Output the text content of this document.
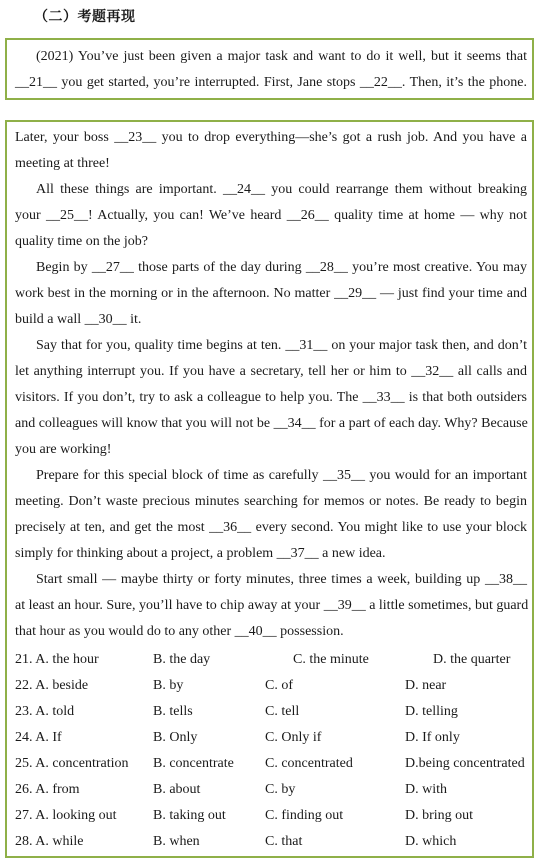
（二）考题再现
(2021) You’ve just been given a major task and want to do it well, but it seems that
__21__ you get started, you’re interrupted. First, Jane stops __22__. Then, it’s the phone.
Later, your boss __23__ you to drop everything—she’s got a rush job. And you have a
meeting at three!
All these things are important. __24__ you could rearrange them without breaking
your __25__! Actually, you can! We’ve heard __26__ quality time at home — why not
quality time on the job?
Begin by __27__ those parts of the day during __28__ you’re most creative. You may
work best in the morning or in the afternoon. No matter __29__ — just find your time and
build a wall __30__ it.
Say that for you, quality time begins at ten. __31__ on your major task then, and don’t
let anything interrupt you. If you have a secretary, tell her or him to __32__ all calls and
visitors. If you don’t, try to ask a colleague to help you. The __33__ is that both outsiders
and colleagues will know that you will not be __34__ for a part of each day. Why? Because
you are working!
Prepare for this special block of time as carefully __35__ you would for an important
meeting. Don’t waste precious minutes searching for memos or notes. Be ready to begin
precisely at ten, and get the most __36__ every second. You might like to use your block
simply for thinking about a project, a problem __37__ a new idea.
Start small — maybe thirty or forty minutes, three times a week, building up __38__
at least an hour. Sure, you’ll have to chip away at your __39__ a little sometimes, but guard
that hour as you would do to any other __40__ possession.
21. A. the hour	B. the day	C. the minute	D. the quarter
22. A. beside	B. by	C. of	D. near
23. A. told	B. tells	C. tell	D. telling
24. A. If	B. Only	C. Only if	D. If only
25. A. concentration B. concentrate C. concentrated	D.being concentrated
26. A. from	B. about	C. by	D. with
27. A. looking out	B. taking out	C. finding out	D. bring out
28. A. while	B. when	C. that	D. which
